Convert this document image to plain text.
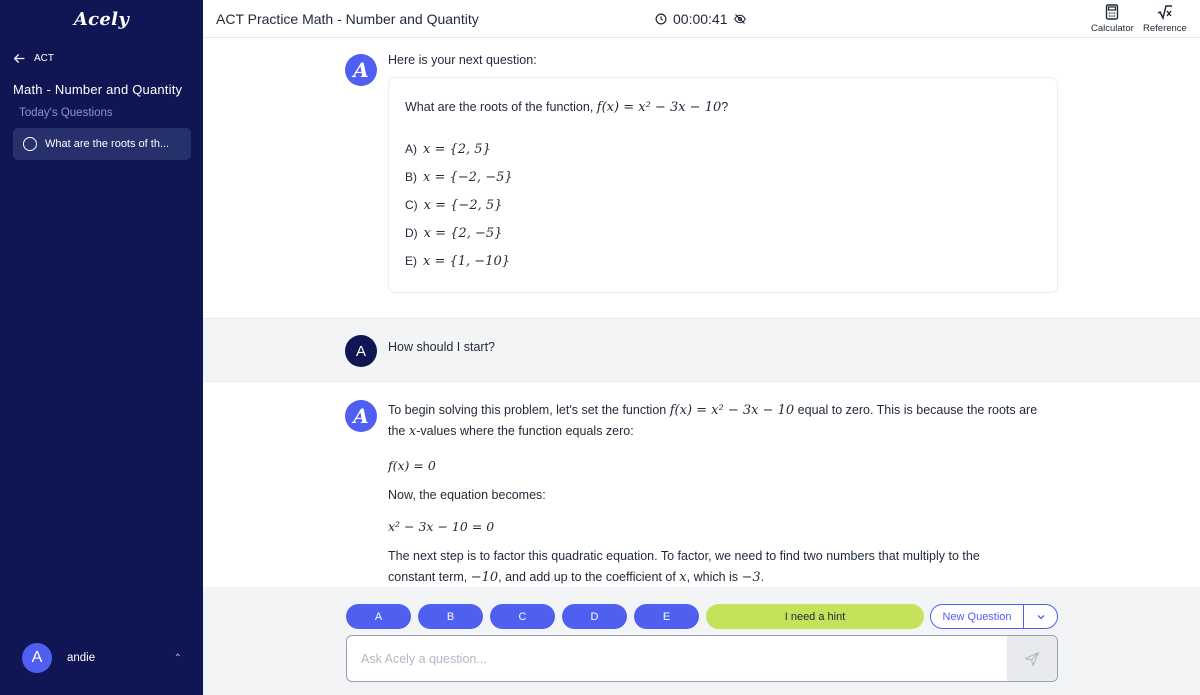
Acely
ACT
Math - Number and Quantity
Today's Questions
What are the roots of th...
A	andie	⌃
ACT Practice Math - Number and Quantity	00:00:41
Calculator Reference
A	Here is your next question:
What are the roots of the function, f(x) = x² − 3x − 10?
A) x = {2, 5}
B) x = {−2, −5}
C) x = {−2, 5}
D) x = {2, −5}
E) x = {1, −10}
A	How should I start?
A	To begin solving this problem, let's set the function f(x) = x² − 3x − 10 equal to zero. This is because the roots are the x-values where the function equals zero:
f(x) = 0
Now, the equation becomes:
x² − 3x − 10 = 0
The next step is to factor this quadratic equation. To factor, we need to find two numbers that multiply to the constant term, −10, and add up to the coefficient of x, which is −3.
A	B	C	D	E	I need a hint	New Question
Ask Acely a question...
